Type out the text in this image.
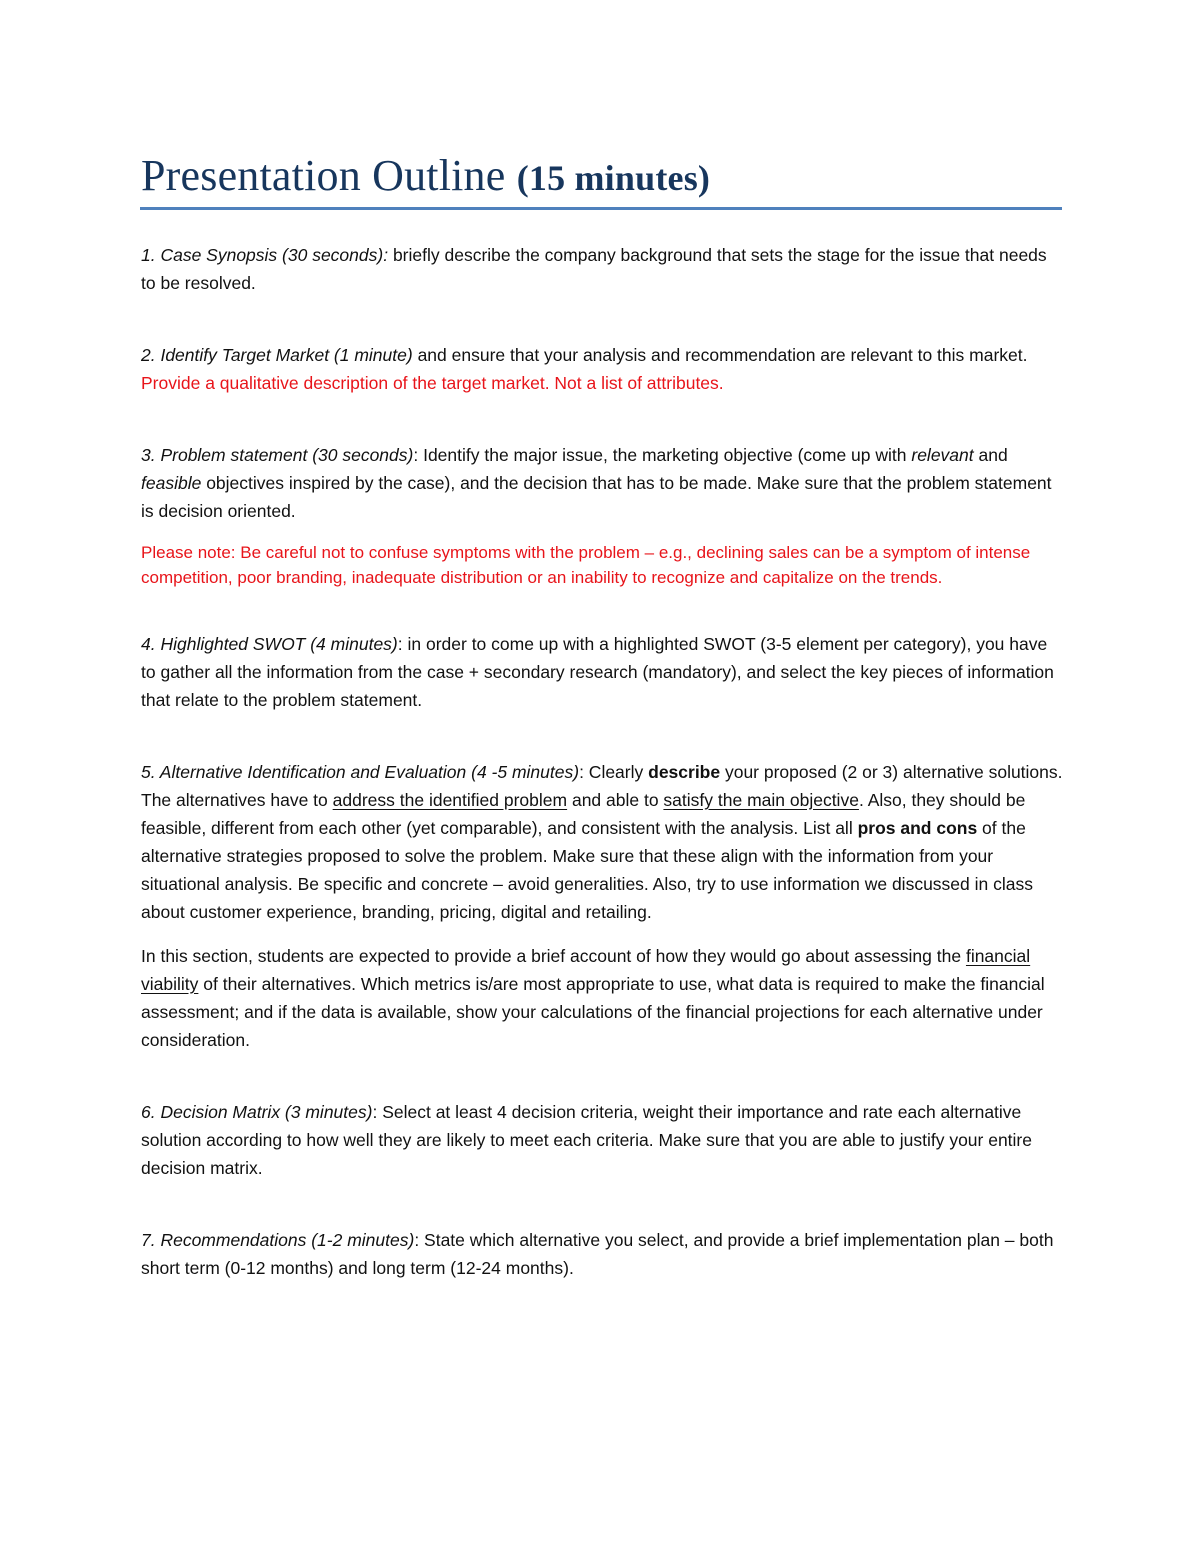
Presentation Outline (15 minutes)

1. Case Synopsis (30 seconds): briefly describe the company background that sets the stage for the issue that needs to be resolved.

2. Identify Target Market (1 minute) and ensure that your analysis and recommendation are relevant to this market.
Provide a qualitative description of the target market. Not a list of attributes.

3. Problem statement (30 seconds): Identify the major issue, the marketing objective (come up with relevant and feasible objectives inspired by the case), and the decision that has to be made. Make sure that the problem statement is decision oriented.

Please note: Be careful not to confuse symptoms with the problem – e.g., declining sales can be a symptom of intense competition, poor branding, inadequate distribution or an inability to recognize and capitalize on the trends.

4. Highlighted SWOT (4 minutes): in order to come up with a highlighted SWOT (3-5 element per category), you have to gather all the information from the case + secondary research (mandatory), and select the key pieces of information that relate to the problem statement.

5. Alternative Identification and Evaluation (4 -5 minutes): Clearly describe your proposed (2 or 3) alternative solutions. The alternatives have to address the identified problem and able to satisfy the main objective. Also, they should be feasible, different from each other (yet comparable), and consistent with the analysis. List all pros and cons of the alternative strategies proposed to solve the problem. Make sure that these align with the information from your situational analysis. Be specific and concrete – avoid generalities. Also, try to use information we discussed in class about customer experience, branding, pricing, digital and retailing.

In this section, students are expected to provide a brief account of how they would go about assessing the financial viability of their alternatives. Which metrics is/are most appropriate to use, what data is required to make the financial assessment; and if the data is available, show your calculations of the financial projections for each alternative under consideration.

6. Decision Matrix (3 minutes): Select at least 4 decision criteria, weight their importance and rate each alternative solution according to how well they are likely to meet each criteria. Make sure that you are able to justify your entire decision matrix.

7. Recommendations (1-2 minutes): State which alternative you select, and provide a brief implementation plan – both short term (0-12 months) and long term (12-24 months).
